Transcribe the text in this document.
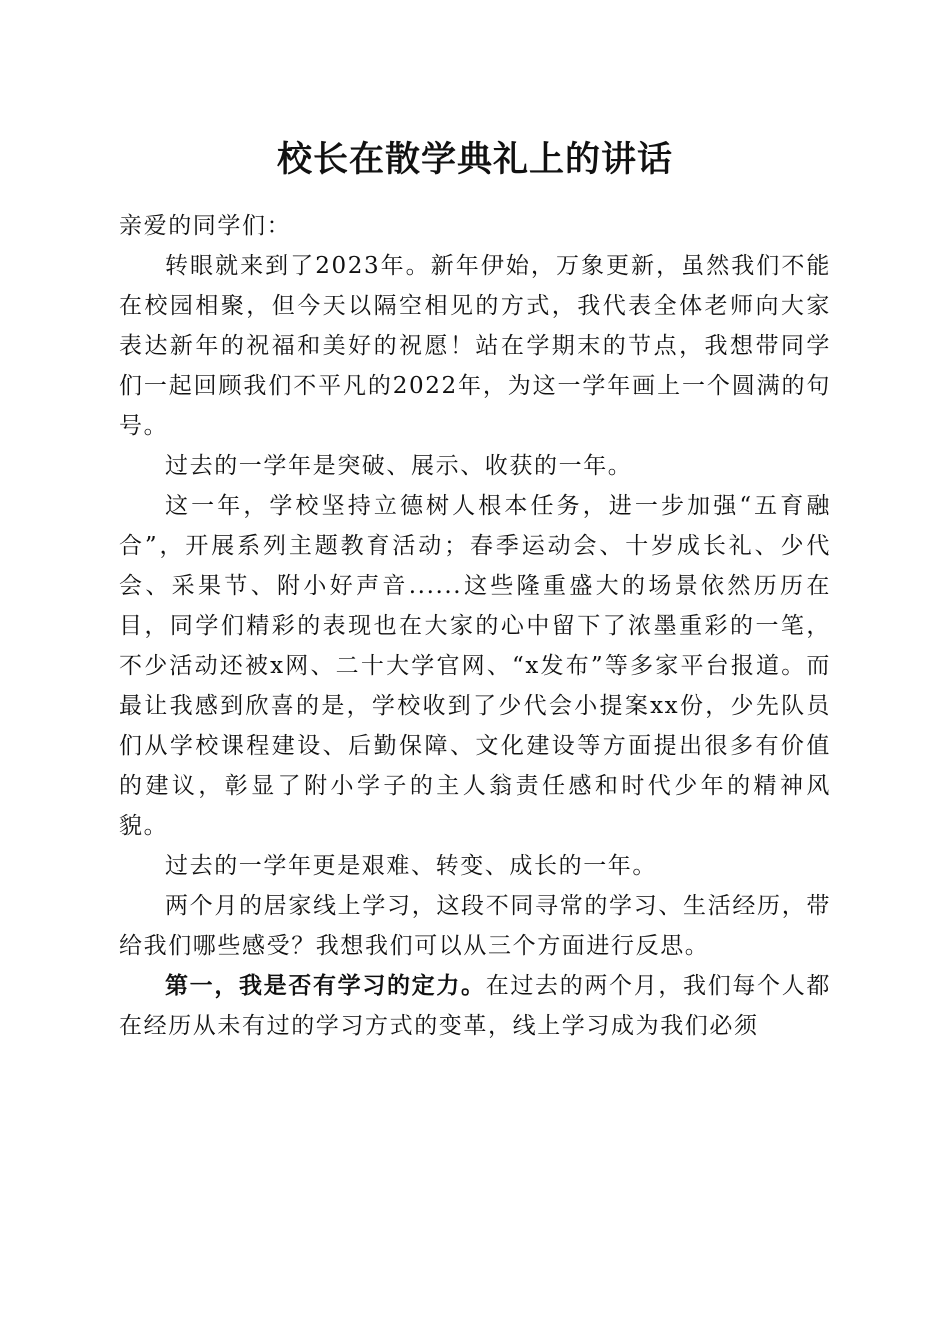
校长在散学典礼上的讲话

亲爱的同学们：

转眼就来到了2023年。新年伊始，万象更新，虽然我们不能在校园相聚，但今天以隔空相见的方式，我代表全体老师向大家表达新年的祝福和美好的祝愿！站在学期末的节点，我想带同学们一起回顾我们不平凡的2022年，为这一学年画上一个圆满的句号。

过去的一学年是突破、展示、收获的一年。

这一年，学校坚持立德树人根本任务，进一步加强“五育融合”，开展系列主题教育活动；春季运动会、十岁成长礼、少代会、采果节、附小好声音......这些隆重盛大的场景依然历历在目，同学们精彩的表现也在大家的心中留下了浓墨重彩的一笔，不少活动还被x网、二十大学官网、“x发布”等多家平台报道。而最让我感到欣喜的是，学校收到了少代会小提案xx份，少先队员们从学校课程建设、后勤保障、文化建设等方面提出很多有价值的建议，彰显了附小学子的主人翁责任感和时代少年的精神风貌。

过去的一学年更是艰难、转变、成长的一年。

两个月的居家线上学习，这段不同寻常的学习、生活经历，带给我们哪些感受？我想我们可以从三个方面进行反思。

第一，我是否有学习的定力。在过去的两个月，我们每个人都在经历从未有过的学习方式的变革，线上学习成为我们必须
